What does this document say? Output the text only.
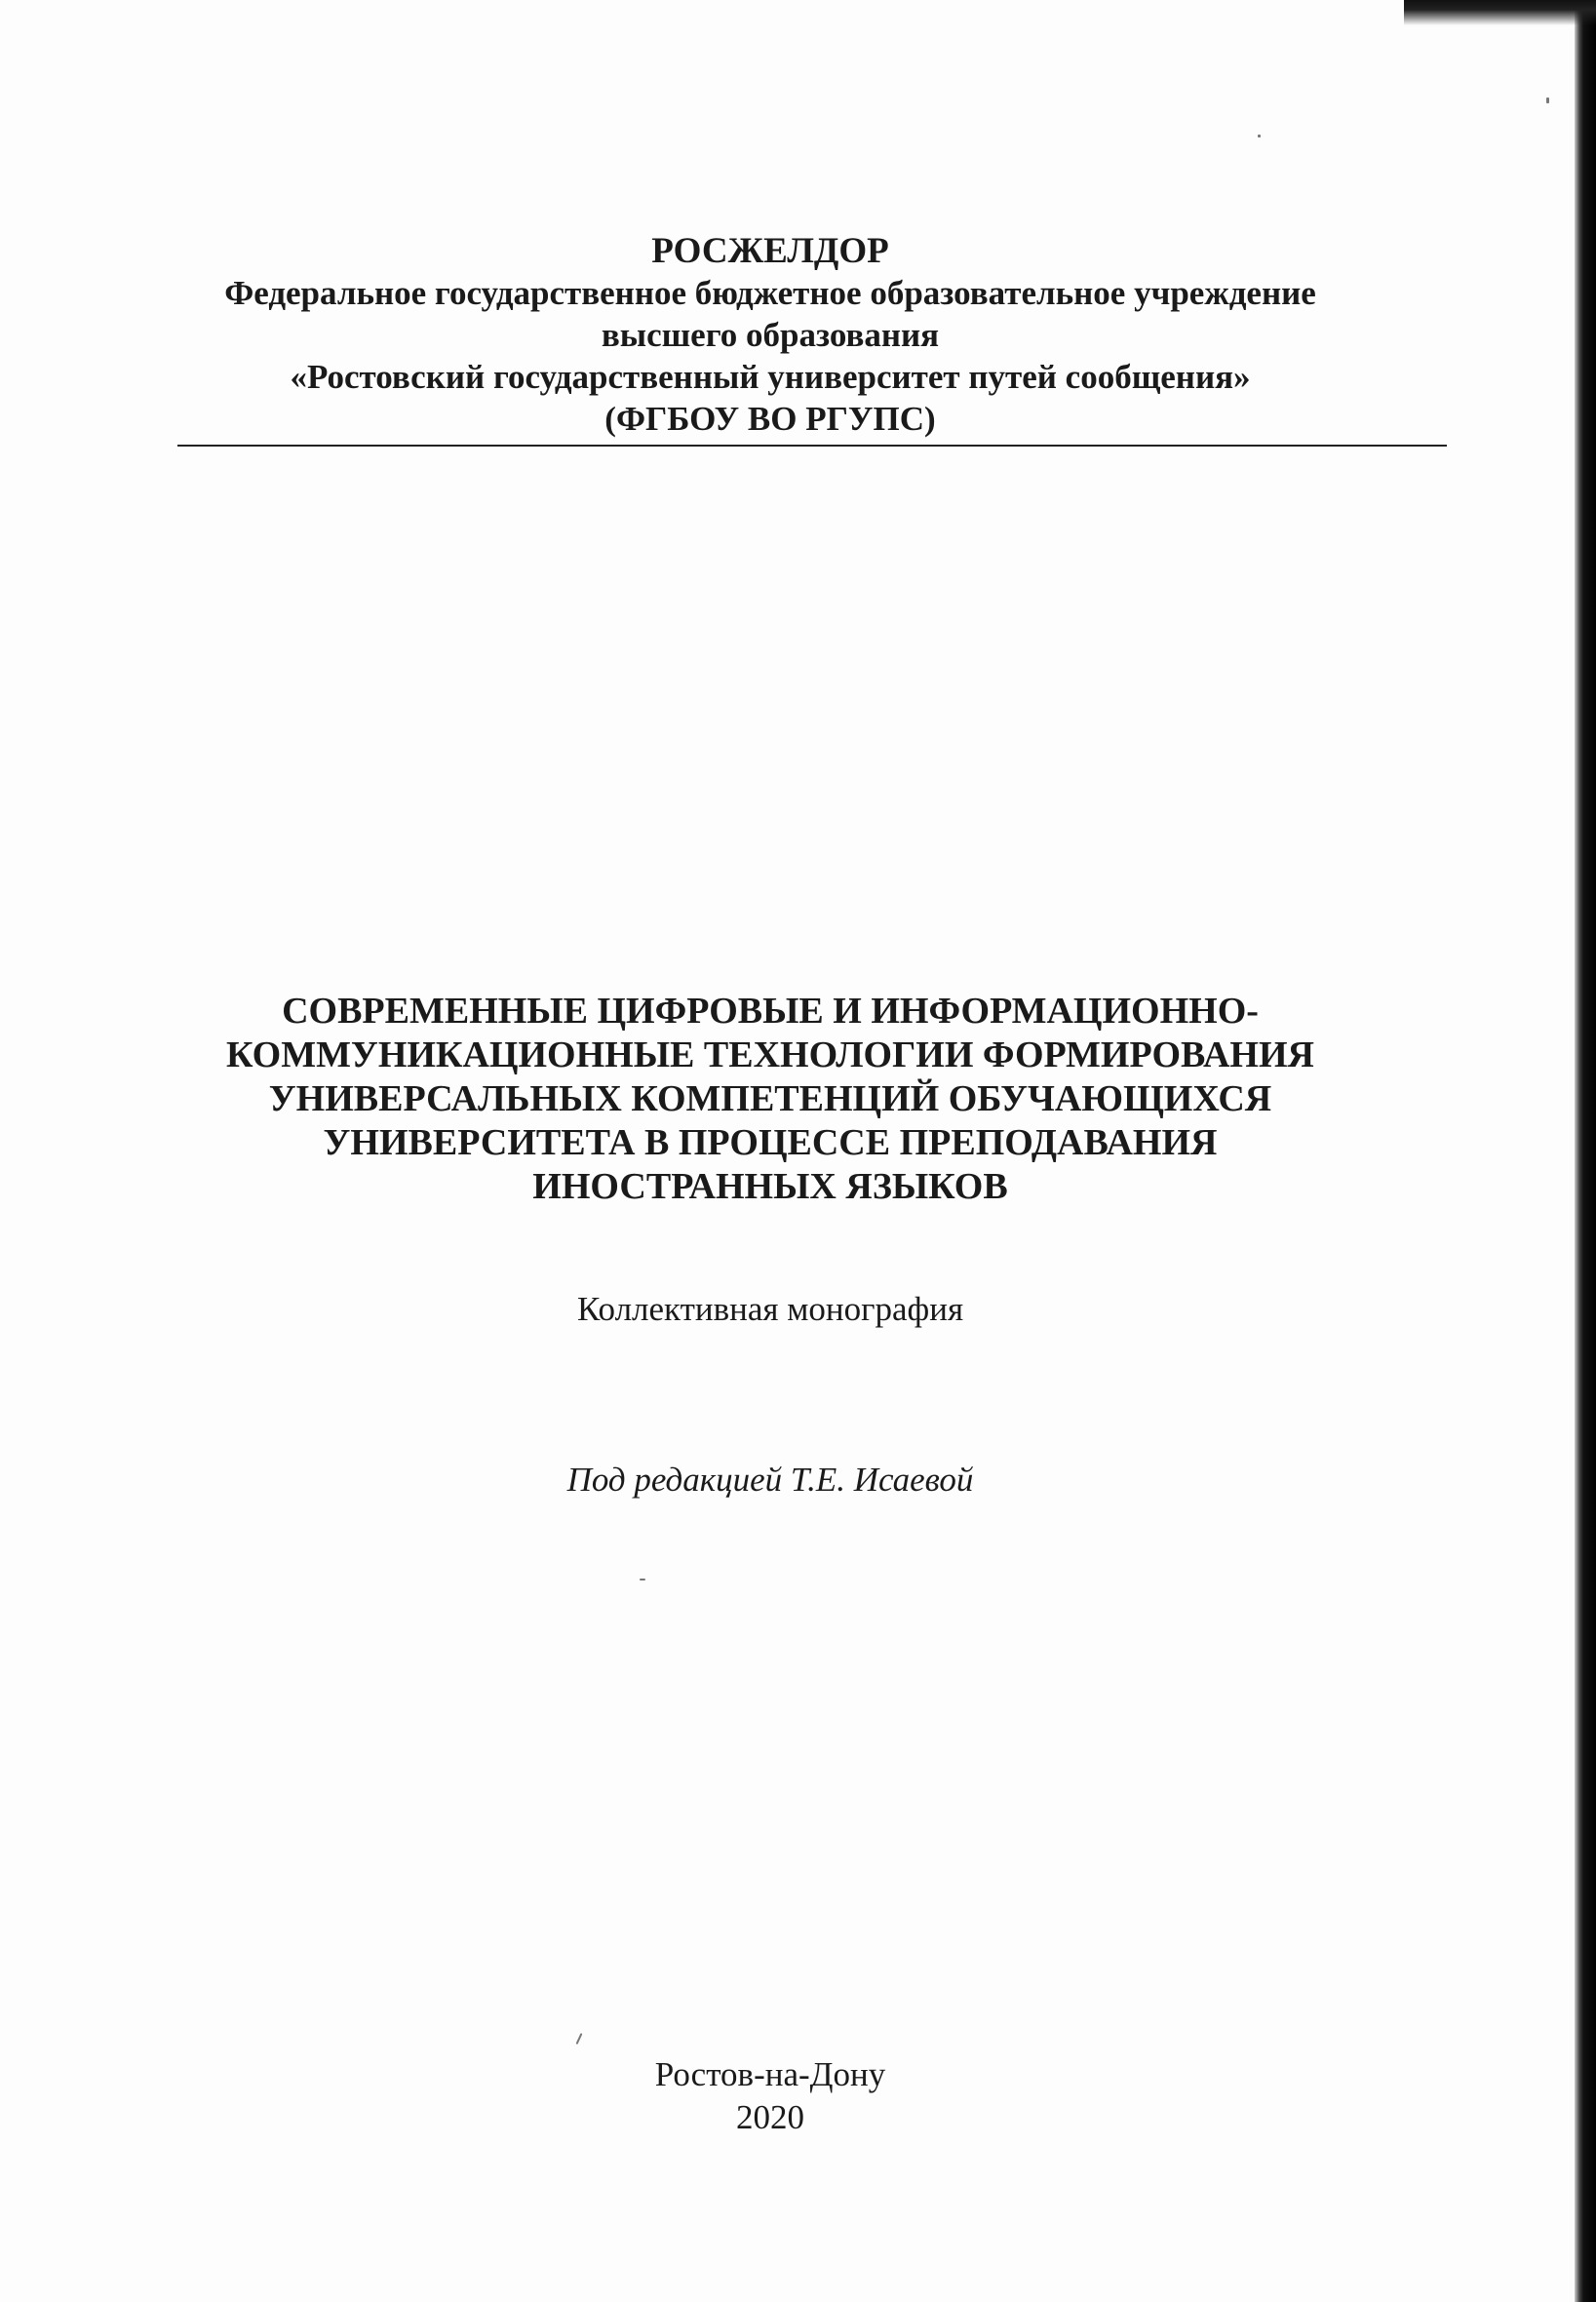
РОСЖЕЛДОР
Федеральное государственное бюджетное образовательное учреждение
высшего образования
«Ростовский государственный университет путей сообщения»
(ФГБОУ ВО РГУПС)
СОВРЕМЕННЫЕ ЦИФРОВЫЕ И ИНФОРМАЦИОННО-
КОММУНИКАЦИОННЫЕ ТЕХНОЛОГИИ ФОРМИРОВАНИЯ
УНИВЕРСАЛЬНЫХ КОМПЕТЕНЦИЙ ОБУЧАЮЩИХСЯ
УНИВЕРСИТЕТА В ПРОЦЕССЕ ПРЕПОДАВАНИЯ
ИНОСТРАННЫХ ЯЗЫКОВ
Коллективная монография
Под редакцией Т.Е. Исаевой
Ростов-на-Дону
2020
